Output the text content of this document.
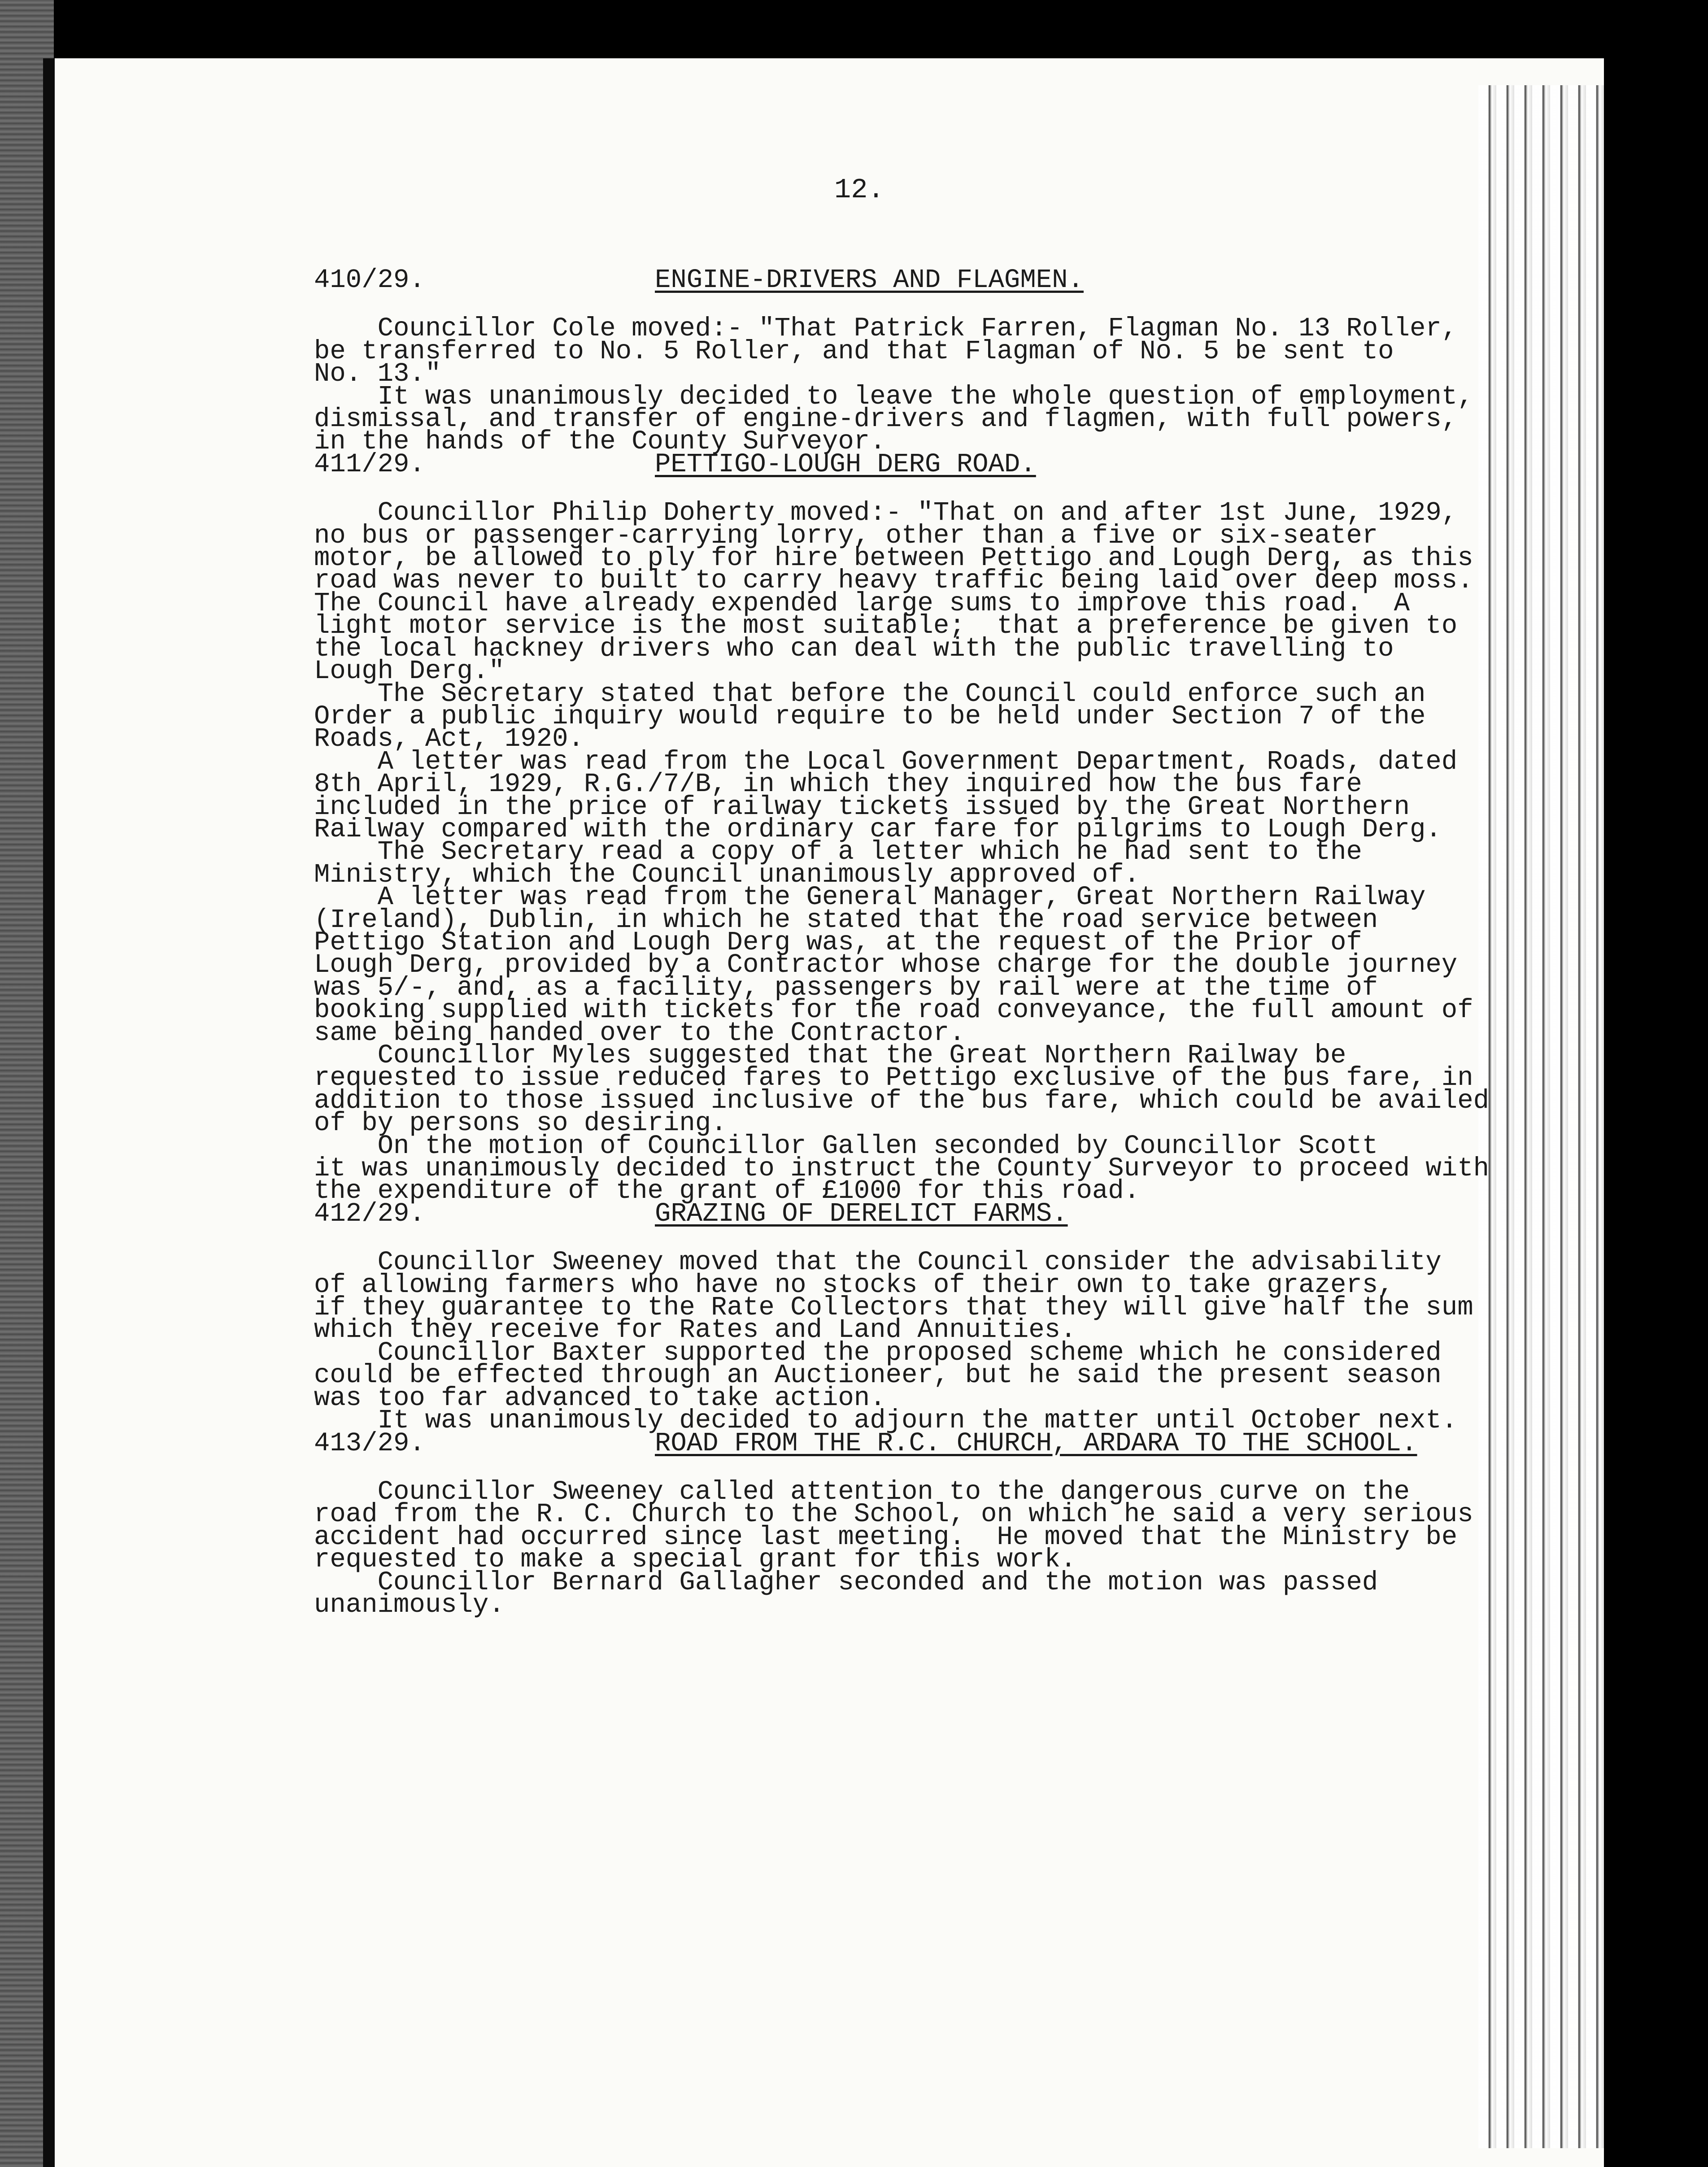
12.
410/29.	ENGINE-DRIVERS AND FLAGMEN.

Councillor Cole moved:- "That Patrick Farren, Flagman No. 13 Roller,
be transferred to No. 5 Roller, and that Flagman of No. 5 be sent to
No. 13."

It was unanimously decided to leave the whole question of employment,
dismissal, and transfer of engine-drivers and flagmen, with full powers,
in the hands of the County Surveyor.

411/29.	PETTIGO-LOUGH DERG ROAD.

Councillor Philip Doherty moved:- "That on and after 1st June, 1929,
no bus or passenger-carrying lorry, other than a five or six-seater
motor, be allowed to ply for hire between Pettigo and Lough Derg, as this
road was never to built to carry heavy traffic being laid over deep moss.
The Council have already expended large sums to improve this road.  A
light motor service is the most suitable;  that a preference be given to
the local hackney drivers who can deal with the public travelling to
Lough Derg."

The Secretary stated that before the Council could enforce such an
Order a public inquiry would require to be held under Section 7 of the
Roads, Act, 1920.

A letter was read from the Local Government Department, Roads, dated
8th April, 1929, R.G./7/B, in which they inquired how the bus fare
included in the price of railway tickets issued by the Great Northern
Railway compared with the ordinary car fare for pilgrims to Lough Derg.

The Secretary read a copy of a letter which he had sent to the
Ministry, which the Council unanimously approved of.

A letter was read from the General Manager, Great Northern Railway
(Ireland), Dublin, in which he stated that the road service between
Pettigo Station and Lough Derg was, at the request of the Prior of
Lough Derg, provided by a Contractor whose charge for the double journey
was 5/-, and, as a facility, passengers by rail were at the time of
booking supplied with tickets for the road conveyance, the full amount of
same being handed over to the Contractor.

Councillor Myles suggested that the Great Northern Railway be
requested to issue reduced fares to Pettigo exclusive of the bus fare, in
addition to those issued inclusive of the bus fare, which could be availed
of by persons so desiring.

On the motion of Councillor Gallen seconded by Councillor Scott
it was unanimously decided to instruct the County Surveyor to proceed with
the expenditure of the grant of £1000 for this road.

412/29.	GRAZING OF DERELICT FARMS.

Councillor Sweeney moved that the Council consider the advisability
of allowing farmers who have no stocks of their own to take grazers,
if they guarantee to the Rate Collectors that they will give half the sum
which they receive for Rates and Land Annuities.

Councillor Baxter supported the proposed scheme which he considered
could be effected through an Auctioneer, but he said the present season
was too far advanced to take action.

It was unanimously decided to adjourn the matter until October next.

413/29.	ROAD FROM THE R.C. CHURCH, ARDARA TO THE SCHOOL.

Councillor Sweeney called attention to the dangerous curve on the
road from the R. C. Church to the School, on which he said a very serious
accident had occurred since last meeting.  He moved that the Ministry be
requested to make a special grant for this work.

Councillor Bernard Gallagher seconded and the motion was passed
unanimously.
